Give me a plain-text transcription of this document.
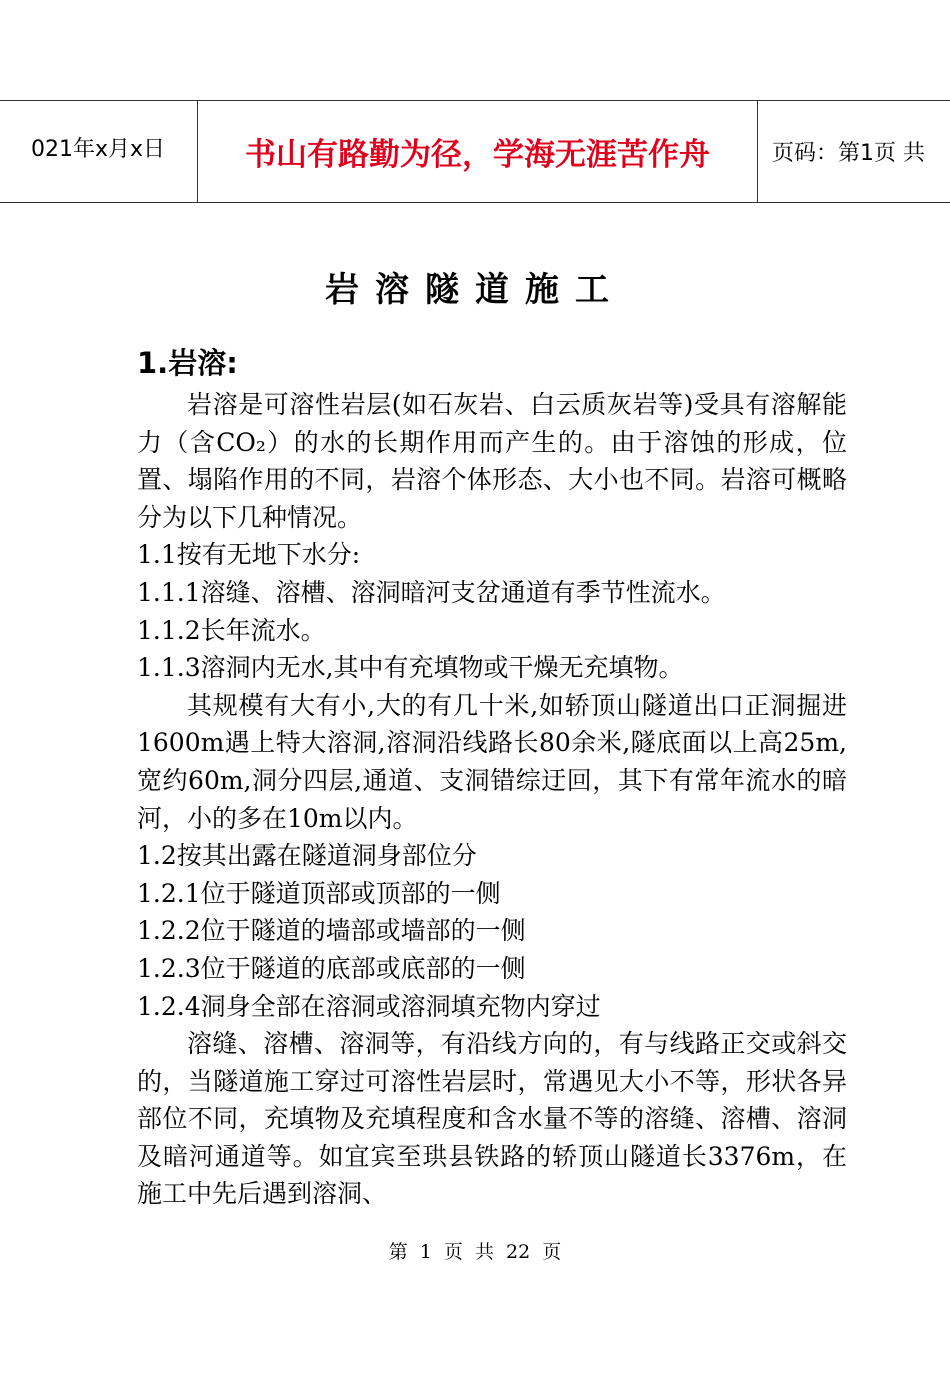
021年x月x日	书山有路勤为径，学海无涯苦作舟	页码：第1页 共
岩溶隧道施工
1.岩溶:

岩溶是可溶性岩层(如石灰岩、白云质灰岩等)受具有溶解能力（含CO₂）的水的长期作用而产生的。由于溶蚀的形成，位置、塌陷作用的不同，岩溶个体形态、大小也不同。岩溶可概略分为以下几种情况。

1.1按有无地下水分:

1.1.1溶缝、溶槽、溶洞暗河支岔通道有季节性流水。

1.1.2长年流水。

1.1.3溶洞内无水,其中有充填物或干燥无充填物。

其规模有大有小,大的有几十米,如轿顶山隧道出口正洞掘进1600m遇上特大溶洞,溶洞沿线路长80余米,隧底面以上高25m,宽约60m,洞分四层,通道、支洞错综迂回，其下有常年流水的暗河，小的多在10m以内。

1.2按其出露在隧道洞身部位分

1.2.1位于隧道顶部或顶部的一侧

1.2.2位于隧道的墙部或墙部的一侧

1.2.3位于隧道的底部或底部的一侧

1.2.4洞身全部在溶洞或溶洞填充物内穿过

溶缝、溶槽、溶洞等，有沿线方向的，有与线路正交或斜交的，当隧道施工穿过可溶性岩层时，常遇见大小不等，形状各异部位不同，充填物及充填程度和含水量不等的溶缝、溶槽、溶洞及暗河通道等。如宜宾至珙县铁路的轿顶山隧道长3376m，在施工中先后遇到溶洞、

第 1 页 共 22 页
